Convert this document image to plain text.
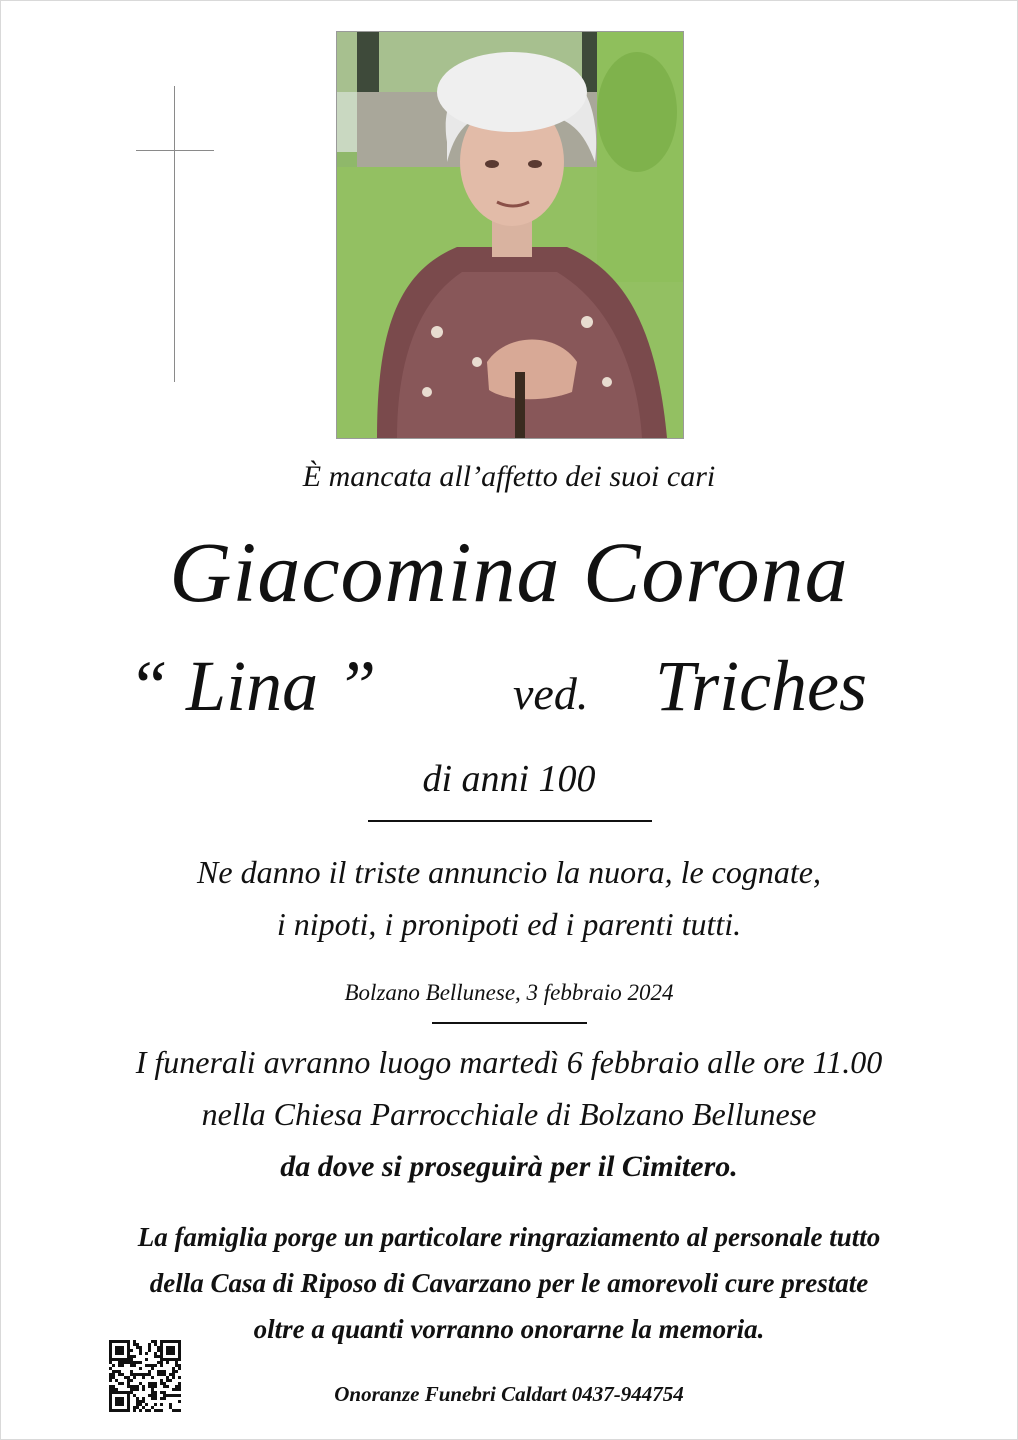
È mancata all’affetto dei suoi cari
Giacomina Corona
“ Lina ”	ved. Triches
di anni 100
Ne danno il triste annuncio la nuora, le cognate,
i nipoti, i pronipoti ed i parenti tutti.
Bolzano Bellunese, 3 febbraio 2024
I funerali avranno luogo martedì 6 febbraio alle ore 11.00
nella Chiesa Parrocchiale di Bolzano Bellunese
da dove si proseguirà per il Cimitero.
La famiglia porge un particolare ringraziamento al personale tutto
della Casa di Riposo di Cavarzano per le amorevoli cure prestate
oltre a quanti vorranno onorarne la memoria.
Onoranze Funebri Caldart 0437-944754
